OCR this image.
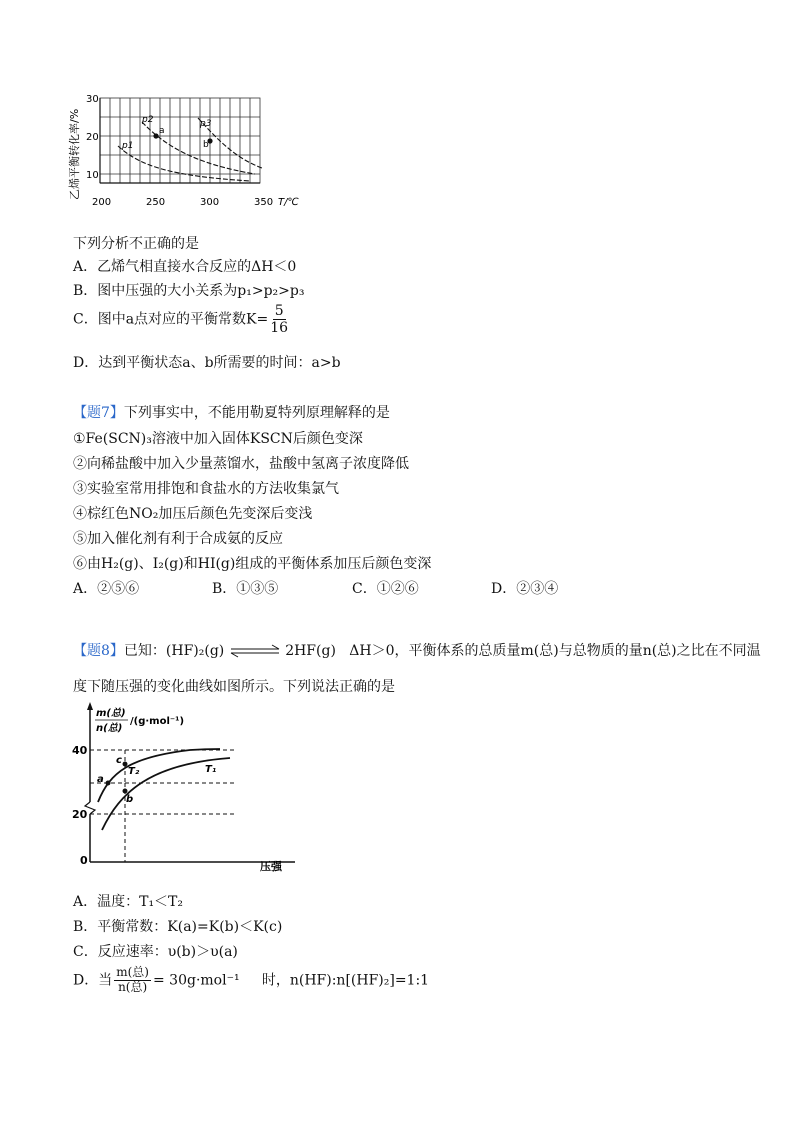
乙烯平衡转化率/%	a
b
p1
p2	p3
30
20
10
200	250	300	350 T/℃
下列分析不正确的是
A．乙烯气相直接水合反应的ΔH＜0
B．图中压强的大小关系为p₁>p₂>p₃
C．图中a点对应的平衡常数$K= \frac{5}{16}$
D．达到平衡状态a、b所需要的时间：a>b
【题7】下列事实中，不能用勒夏特列原理解释的是
①Fe(SCN)₃溶液中加入固体KSCN后颜色变深
②向稀盐酸中加入少量蒸馏水，盐酸中氢离子浓度降低
③实验室常用排饱和食盐水的方法收集氯气
④棕红色NO₂加压后颜色先变深后变浅
⑤加入催化剂有利于合成氨的反应
⑥由H₂(g)、I₂(g)和HI(g)组成的平衡体系加压后颜色变深
A．②⑤⑥	B．①③⑤	C．①②⑥	D．②③④
【题8】已知：(HF)₂(g) ⇌ 2HF(g) ΔH＞0，平衡体系的总质量m(总)与总物质的量n(总)之比在不同温
度下随压强的变化曲线如图所示。下列说法正确的是
m(总)
n(总)
/(g·mol⁻¹)
a
b
c
T₁
T₂
40
20
0	压强
A．温度：T₁＜T₂
B．平衡常数：K(a)=K(b)＜K(c)
C．反应速率：υ(b)＞υ(a)
D．当 $\frac{\text{m(总)}}{\text{n(总)}} = 30g\cdot mol^{-1}$ 时，n(HF):n[(HF)₂]=1:1
